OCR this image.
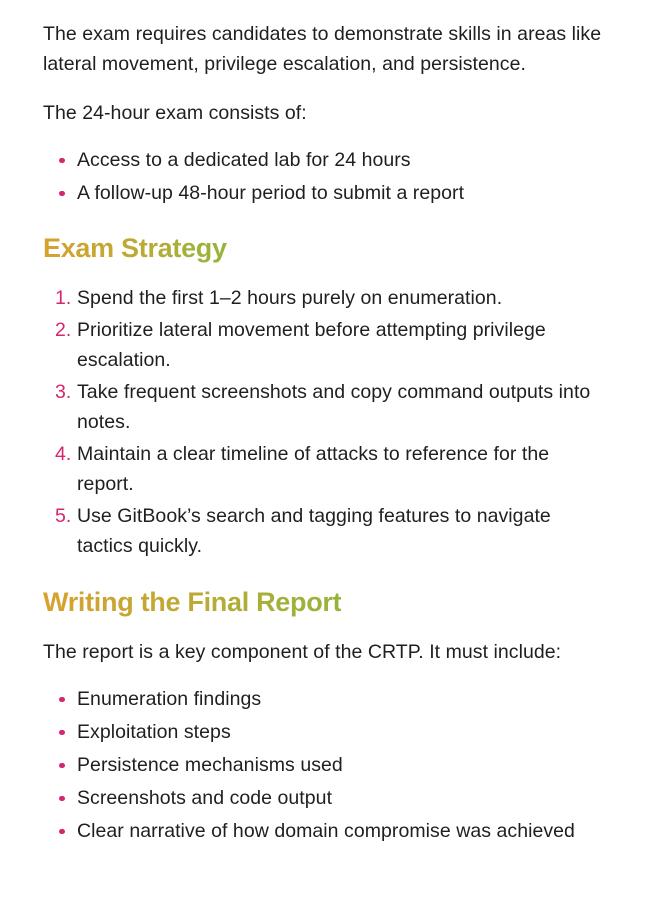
The exam requires candidates to demonstrate skills in areas like lateral movement, privilege escalation, and persistence.

The 24-hour exam consists of:

Access to a dedicated lab for 24 hours
A follow-up 48-hour period to submit a report
Exam Strategy
1. Spend the first 1–2 hours purely on enumeration.
2. Prioritize lateral movement before attempting privilege escalation.
3. Take frequent screenshots and copy command outputs into notes.
4. Maintain a clear timeline of attacks to reference for the report.
5. Use GitBook’s search and tagging features to navigate tactics quickly.
Writing the Final Report

The report is a key component of the CRTP. It must include:

Enumeration findings
Exploitation steps
Persistence mechanisms used
Screenshots and code output
Clear narrative of how domain compromise was achieved
